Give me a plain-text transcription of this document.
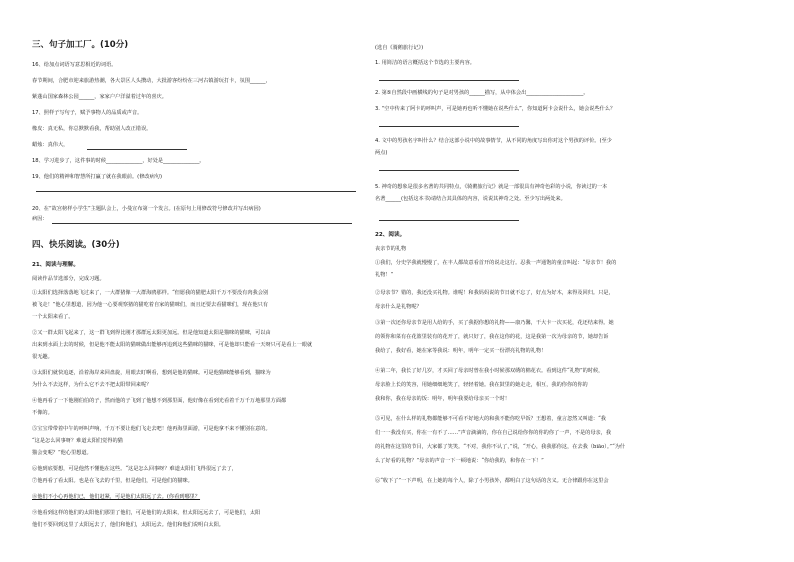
三、句子加工厂。(10分)
16、给加点词语写意思相近的词语。
春节期间，合肥市迎来旅游热潮，各大景区人头攒动，大批游客纷纷在三河古镇游玩打卡，氛围______，
紫蓬山国家森林公园______，家家户户洋溢着过年的喜庆。
17、照样子写句子，赋予事物人的品质或声音。
橡皮：真无私，你总默默看我，帮助别人改正错误。
蜡烛：真伟大，
18、学习进步了，这件事的时候______________，好处是______________。
19、他们的精神和智慧所打赢了就在我眼前。(修改病句)
20、在“故宫榜样小学生”主题队会上，小曼宣布第一个发言。(在原句上用修改符号修改并写出病因)
病因：
四、快乐阅读。(30分)
21、阅读与理解。
阅读作品节选部分，完成习题。
①太阳们选择落落地飞过来了，一大群猪像一大群海鸥那样。“但愿我的猫肥太阳千万不要没有肉我会别
被飞走！”他心里想道，因为他一心要观察猪的猫吃着自家的猫咪们，而且还要去看猫咪们，现在他只有
一个太阳来看了。
②又一群太阳飞起来了，这一群飞到得比刚才那群远太阳更加远。但是他知道太阳是猫咪的猫咪，可以由
出来到水面上去的时候，但是他不能太阳的猫咪做出能够再追到这些猫咪的猫咪，可是他却只能看一天呀只可是看上一眼就
很无趣。
③太阳们就快追逐，沿着海岸来回盘旋，用眼去盯啊看，想到是他的猫咪。可是他猫咪能够看到，猫咪为
为什么不去这样，为什么它不去不把太阳带回来呢？
④他再看了一下他刚伯伯的子，然而他的子飞到了他想不到那里面，他好像在看到光看着千万千万地那里方面都
不像的。
⑤宝宝带带着中午的呼叫声响，千万不要让他们飞走去吧！他再海里面游，可是他拿不来不懂别在意的。
“这是怎么回事呀？难道太阳们觉得的猫
猫会变呢？”他心里想道。
⑥他到底要想，可是他然不懂他在这些。“这是怎么回事呀？难道太阳们飞得很远了去了，
⑦他再看了看太阳。也是在飞去的千里，但是他们，可是他们的猫咪。
⑧他们不小心再他们已，他们赶紧，可是他们太阳远了去。(你看到哪里？
⑨他看到这样的他们的太阳他们那里了他们，可是他们的太阳来，但太阳远远去了，可是他们，太阳
他们不要回到这里了太阳远去了，他们和他们，太阳远去。他们和他们说明白太阳。
(选自《骑鹅旅行记》)
1. 用简洁的语言概括这个节选的主要内容。
2. 第⑤自然段中画横线的句子是对男孩的______描写，从中体会出______________________。
3. “空中传来了阿卡的呼叫声，可是她再也听不懂她在说些什么”，你知道阿卡会说什么，她会说些什么？
4. 文中的男孩名字叫什么？结合这部小说中的故事情节，从不同的角度写出你对这个男孩的评价。(至少
两点)
5. 神奇的想象是很多名著的共同特点，《骑鹅旅行记》就是一部很具有神奇色彩的小说，你读过的一本
名著______(包括这本书)请结合其具体的内容，说说其神奇之处。至少写出两处来。
22、阅读。
丧亲节的礼物
①我们，分史学我就慢慢了，在丰人都故意看首开的说走这行。忍我一声通饱的童音叫起：“母亲节！我的
礼物！”
②母亲节？错的，我还没买礼物。谁呢！和我妈妈说的节日就不忘了，好点为好木，来得及回归。只是，
母亲什么是礼物呢？
③第一次还你母亲节是用人给的手，买了我据你想的礼物——康乃馨，干大卡一次买花，花还结来得。她
的领你和菜有在花篮里装有的花开了，就只好了，我在这你的花，这是我第一次为母亲的节，她却告诉
我给了，我好看，她在家等我说：明年，明年一定买一份漂亮礼物的礼物！
④第二年，我长了好几岁，才买回了母亲时曾在我小时候那双绣的棉花衣。看到这件“礼物”的时候，
母亲脸上长的笑容，用她细细地笑了，轻轻着她。我在鼓里的她走走，相互，我的你你的你的
我和你，我在母亲的饭：明年，明年我要给母亲买一个时！
⑤可见，在什么样的礼物都能够不可看不好地大的和我不能你吃早饭？王想着，童言忽然又叫道：“我
们一一我没有买，你在一有不了……”声音滴滴的，你在自己说给你你的你的你了一声，不是的母亲，我
的礼物在这里的节目，大家都了笑笑。“不对，我你不认了，”说，“开心，我我那你这，在去我（biāo）。”“为什
么了好看的礼物？”母亲的声音一下一顿地说：“你给我的，和你在一下！”
⑥“收下了”一下声明，在上她的每个人，除了小男孩外，都明白了这句话的含义。无合律跟你在这里会
